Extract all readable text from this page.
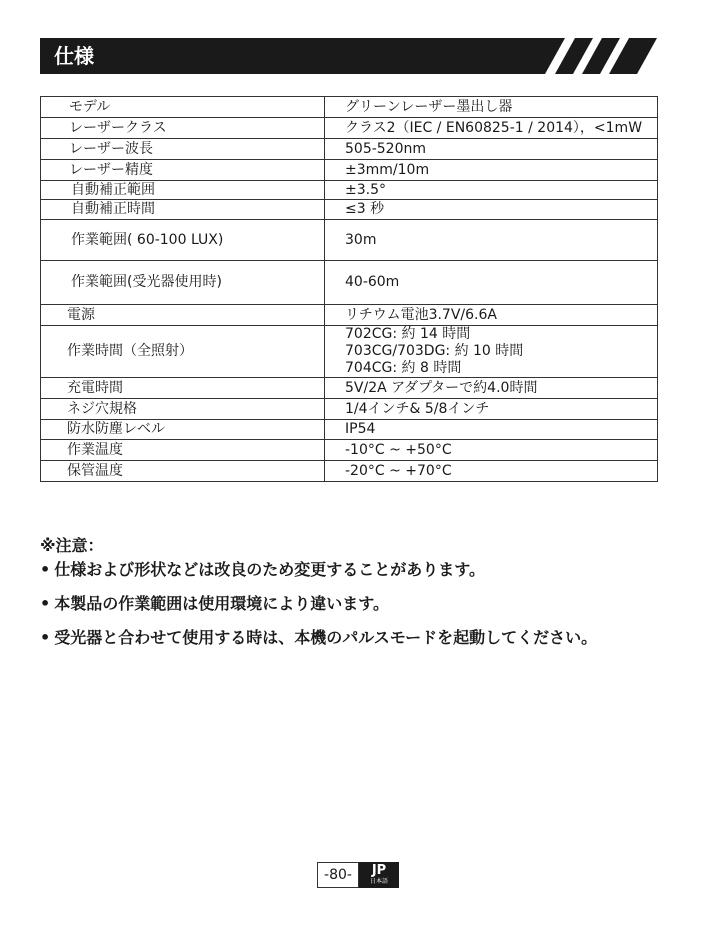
仕様
　モデル	グリーンレーザー墨出し器
　レーザークラス	クラス2（IEC / EN60825-1 / 2014），<1mW
　レーザー波長	505-520nm
　レーザー精度	±3mm/10m
自動補正範囲	±3.5°
自動補正時間	≤3 秒
作業範囲( 60-100 LUX)	30m
作業範囲(受光器使用時)	40-60m
電源	リチウム電池3.7V/6.6A
作業時間（全照射）	702CG: 約 14 時間
703CG/703DG: 約 10 時間
704CG: 約 8 時間

充電時間	5V/2A アダプターで約4.0時間
ネジ穴規格	1/4インチ& 5/8インチ
防水防塵レベル	IP54
作業温度	-10°C ~ +50°C
保管温度	-20°C ~ +70°C
※注意：
• 仕様および形状などは改良のため変更することがあります。
• 本製品の作業範囲は使用環境により違います。
• 受光器と合わせて使用する時は、本機のパルスモードを起動してください。
-80-	JP
日本語
